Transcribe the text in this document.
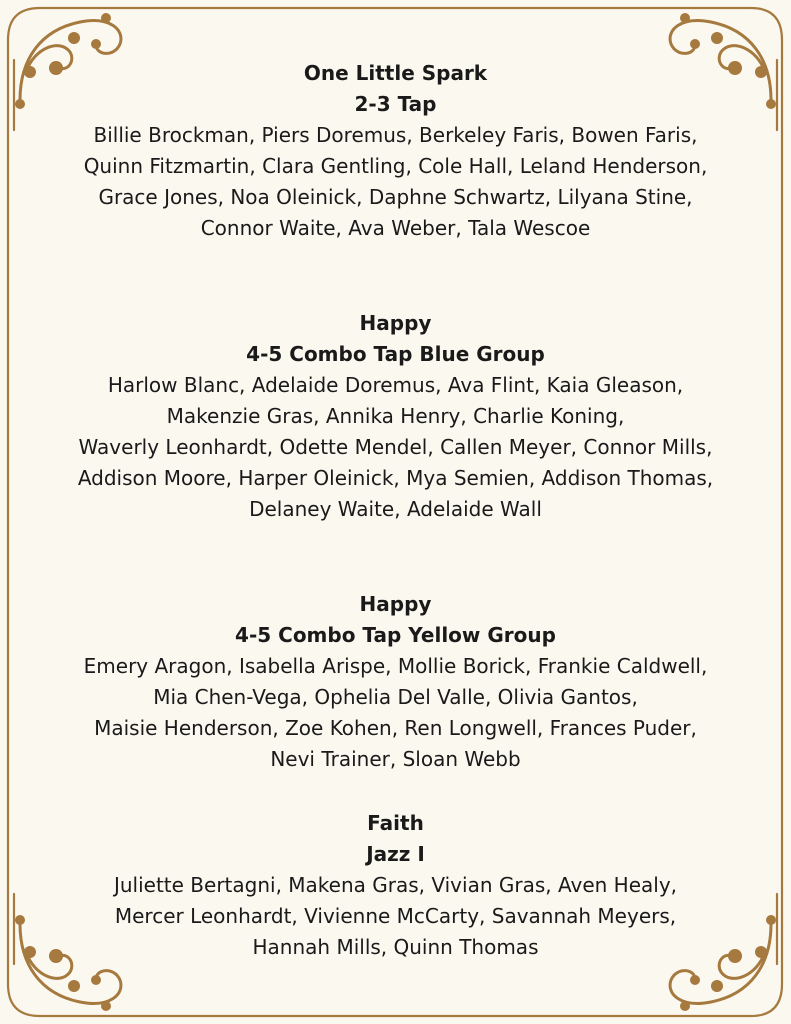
One Little Spark

2-3 Tap

Billie Brockman, Piers Doremus, Berkeley Faris, Bowen Faris,
Quinn Fitzmartin, Clara Gentling, Cole Hall, Leland Henderson,
Grace Jones, Noa Oleinick, Daphne Schwartz, Lilyana Stine,
Connor Waite, Ava Weber, Tala Wescoe

Happy

4-5 Combo Tap Blue Group

Harlow Blanc, Adelaide Doremus, Ava Flint, Kaia Gleason,
Makenzie Gras, Annika Henry, Charlie Koning,
Waverly Leonhardt, Odette Mendel, Callen Meyer, Connor Mills,
Addison Moore, Harper Oleinick, Mya Semien, Addison Thomas,
Delaney Waite, Adelaide Wall

Happy

4-5 Combo Tap Yellow Group

Emery Aragon, Isabella Arispe, Mollie Borick, Frankie Caldwell,
Mia Chen-Vega, Ophelia Del Valle, Olivia Gantos,
Maisie Henderson, Zoe Kohen, Ren Longwell, Frances Puder,
Nevi Trainer, Sloan Webb

Faith

Jazz I

Juliette Bertagni, Makena Gras, Vivian Gras, Aven Healy,
Mercer Leonhardt, Vivienne McCarty, Savannah Meyers,
Hannah Mills, Quinn Thomas
